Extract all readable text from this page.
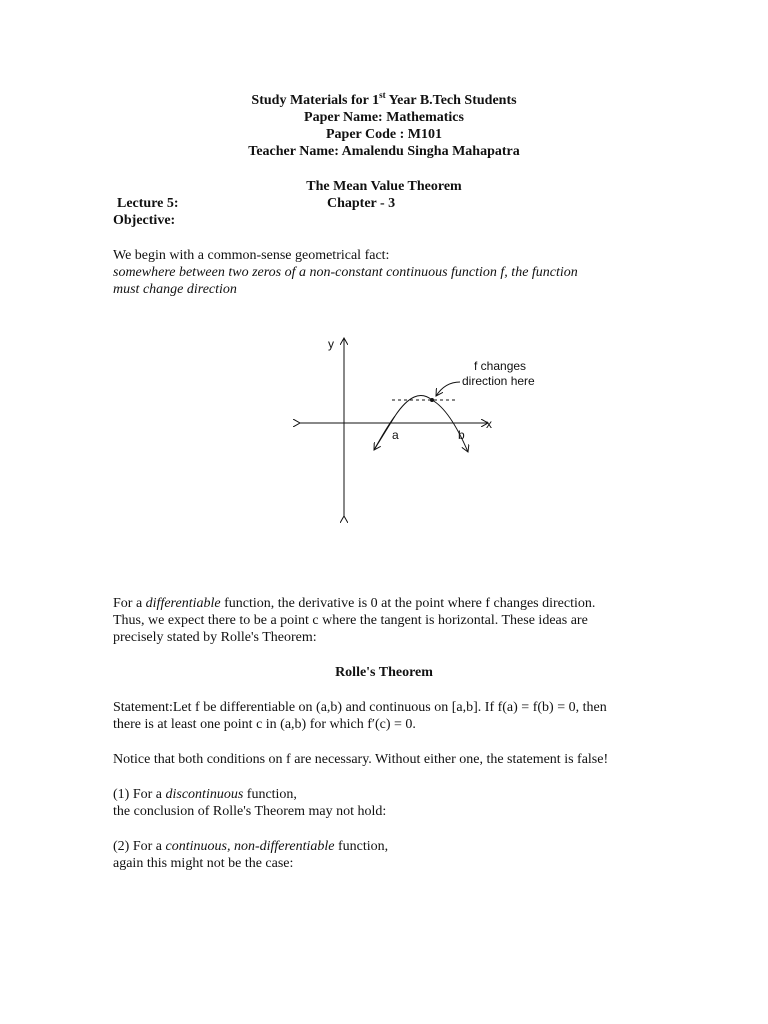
Study Materials for 1st Year B.Tech Students
Paper Name: Mathematics
Paper Code : M101
Teacher Name: Amalendu Singha Mahapatra
The Mean Value Theorem
Lecture 5:	Chapter - 3
Objective:
We begin with a common-sense geometrical fact:
somewhere between two zeros of a non-constant continuous function f, the function
must change direction
y
x
a	b
f changes
direction here
For a differentiable function, the derivative is 0 at the point where f changes direction.
Thus, we expect there to be a point c where the tangent is horizontal. These ideas are
precisely stated by Rolle's Theorem:
Rolle's Theorem
Statement:Let f be differentiable on (a,b) and continuous on [a,b]. If f(a) = f(b) = 0, then
there is at least one point c in (a,b) for which f′(c) = 0.
Notice that both conditions on f are necessary. Without either one, the statement is false!
(1) For a discontinuous function,
the conclusion of Rolle's Theorem may not hold:
(2) For a continuous, non-differentiable function,
again this might not be the case:
